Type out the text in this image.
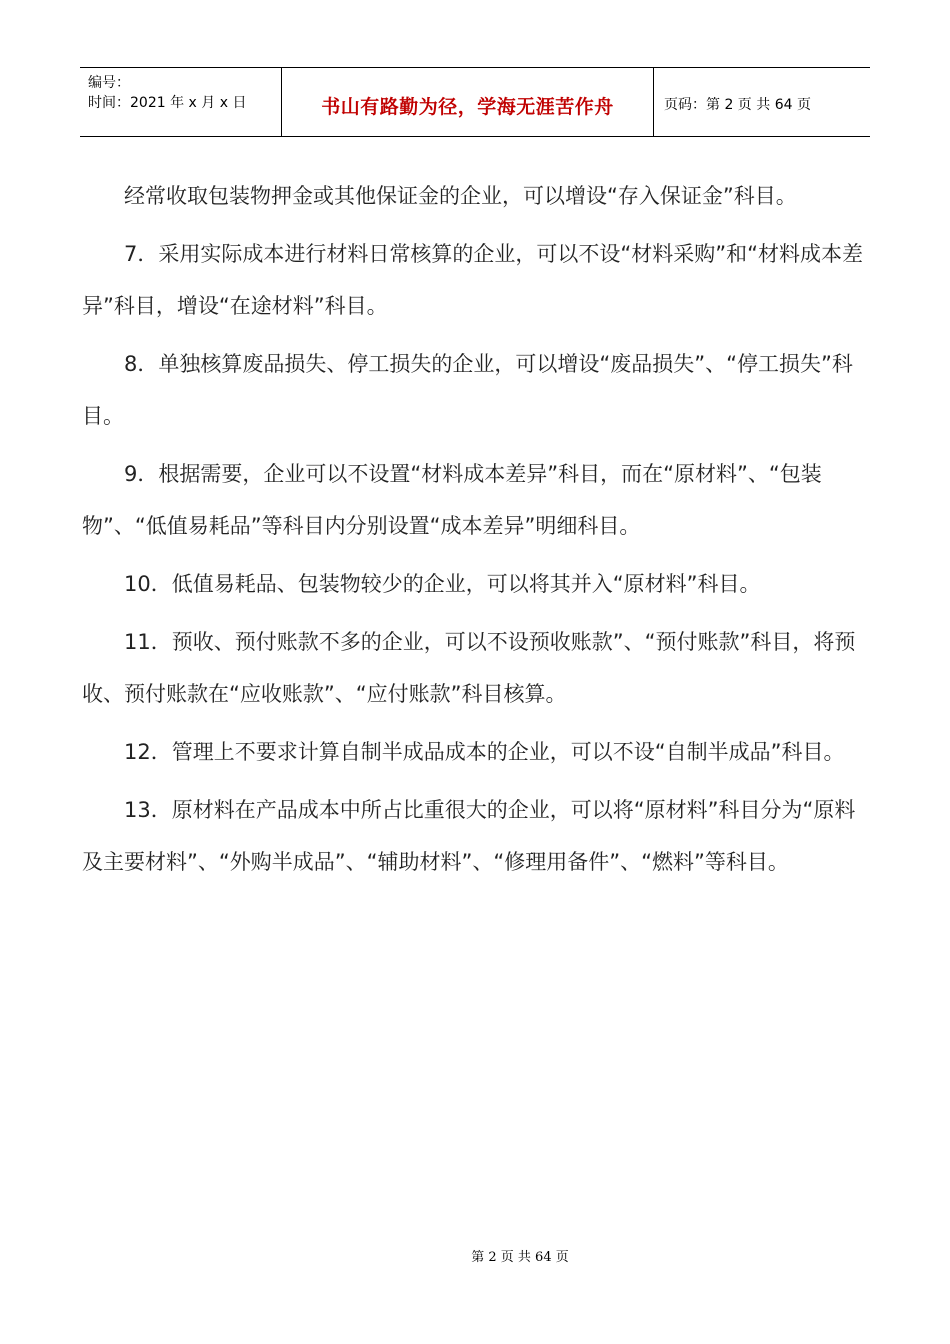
编号：
时间：2021 年 x 月 x 日	书山有路勤为径，学海无涯苦作舟	页码：第 2 页 共 64 页

经常收取包装物押金或其他保证金的企业，可以增设“存入保证金”科目。

7．采用实际成本进行材料日常核算的企业，可以不设“材料采购”和“材料成本差异”科目，增设“在途材料”科目。

8．单独核算废品损失、停工损失的企业，可以增设“废品损失”、“停工损失”科目。

9．根据需要，企业可以不设置“材料成本差异”科目，而在“原材料”、“包装物”、“低值易耗品”等科目内分别设置“成本差异”明细科目。

10．低值易耗品、包装物较少的企业，可以将其并入“原材料”科目。

11．预收、预付账款不多的企业，可以不设预收账款”、“预付账款”科目，将预收、预付账款在“应收账款”、“应付账款”科目核算。

12．管理上不要求计算自制半成品成本的企业，可以不设“自制半成品”科目。

13．原材料在产品成本中所占比重很大的企业，可以将“原材料”科目分为“原料及主要材料”、“外购半成品”、“辅助材料”、“修理用备件”、“燃料”等科目。

第 2 页 共 64 页
